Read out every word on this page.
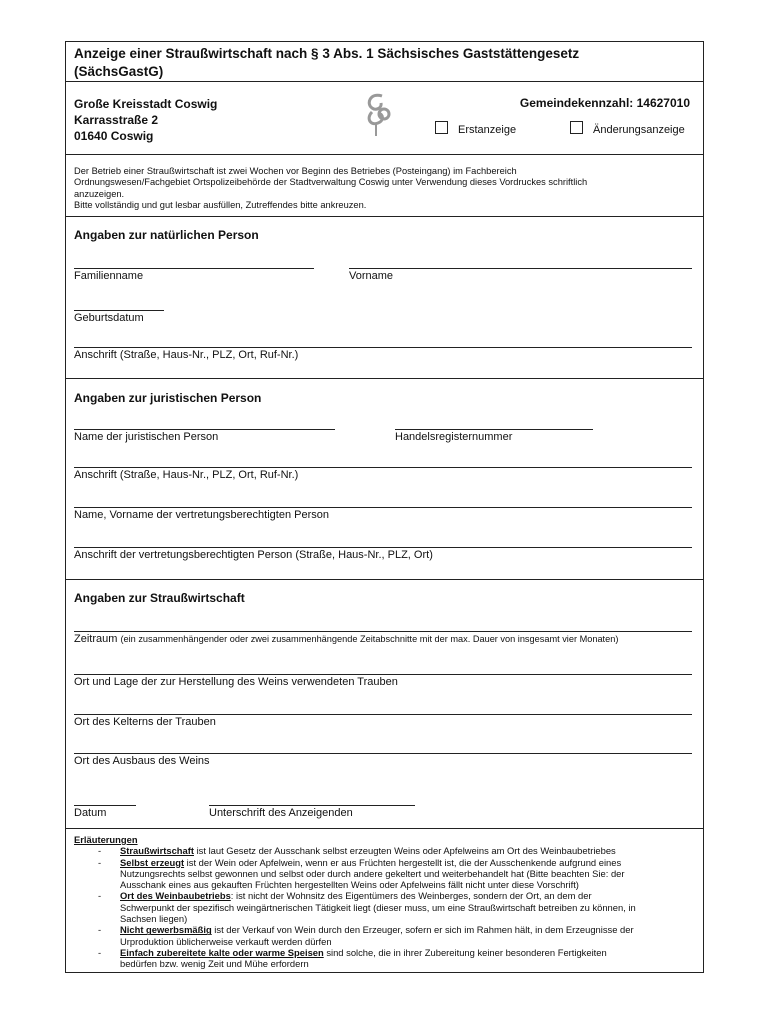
Anzeige einer Straußwirtschaft nach § 3 Abs. 1 Sächsisches Gaststättengesetz
(SächsGastG)
Große Kreisstadt Coswig
Karrasstraße 2
01640 Coswig
Gemeindekennzahl: 14627010
Erstanzeige	Änderungsanzeige
Der Betrieb einer Straußwirtschaft ist zwei Wochen vor Beginn des Betriebes (Posteingang) im Fachbereich
Ordnungswesen/Fachgebiet Ortspolizeibehörde der Stadtverwaltung Coswig unter Verwendung dieses Vordruckes schriftlich
anzuzeigen.
Bitte vollständig und gut lesbar ausfüllen, Zutreffendes bitte ankreuzen.
Angaben zur natürlichen Person
Familienname	Vorname
Geburtsdatum
Anschrift (Straße, Haus-Nr., PLZ, Ort, Ruf-Nr.)
Angaben zur juristischen Person
Name der juristischen Person	Handelsregisternummer
Anschrift (Straße, Haus-Nr., PLZ, Ort, Ruf-Nr.)
Name, Vorname der vertretungsberechtigten Person
Anschrift der vertretungsberechtigten Person (Straße, Haus-Nr., PLZ, Ort)
Angaben zur Straußwirtschaft
Zeitraum (ein zusammenhängender oder zwei zusammenhängende Zeitabschnitte mit der max. Dauer von insgesamt vier Monaten)
Ort und Lage der zur Herstellung des Weins verwendeten Trauben
Ort des Kelterns der Trauben
Ort des Ausbaus des Weins
Datum	Unterschrift des Anzeigenden
Erläuterungen
- Straußwirtschaft ist laut Gesetz der Ausschank selbst erzeugten Weins oder Apfelweins am Ort des Weinbaubetriebes
- Selbst erzeugt ist der Wein oder Apfelwein, wenn er aus Früchten hergestellt ist, die der Ausschenkende aufgrund eines
Nutzungsrechts selbst gewonnen und selbst oder durch andere gekeltert und weiterbehandelt hat (Bitte beachten Sie: der
Ausschank eines aus gekauften Früchten hergestellten Weins oder Apfelweins fällt nicht unter diese Vorschrift)
- Ort des Weinbaubetriebs: ist nicht der Wohnsitz des Eigentümers des Weinberges, sondern der Ort, an dem der
Schwerpunkt der spezifisch weingärtnerischen Tätigkeit liegt (dieser muss, um eine Straußwirtschaft betreiben zu können, in
Sachsen liegen)
- Nicht gewerbsmäßig ist der Verkauf von Wein durch den Erzeuger, sofern er sich im Rahmen hält, in dem Erzeugnisse der
Urproduktion üblicherweise verkauft werden dürfen
- Einfach zubereitete kalte oder warme Speisen sind solche, die in ihrer Zubereitung keiner besonderen Fertigkeiten
bedürfen bzw. wenig Zeit und Mühe erfordern
